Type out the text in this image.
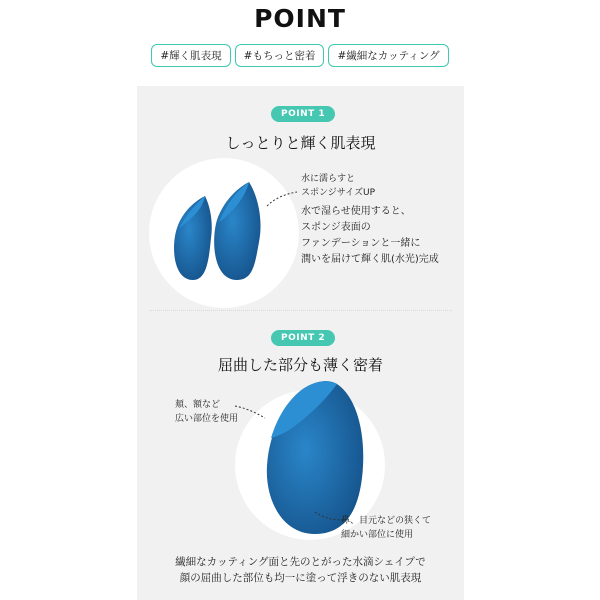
POINT
#輝く肌表現	#もちっと密着	#繊細なカッティング
POINT 1
しっとりと輝く肌表現
水に濡らすと
スポンジサイズUP
水で湿らせ使用すると、
スポンジ表面の
ファンデーションと一緒に
潤いを届けて輝く肌(水光)完成
POINT 2
屈曲した部分も薄く密着
頬、額など
広い部位を使用
鼻、目元などの狭くて
細かい部位に使用
繊細なカッティング面と先のとがった水滴シェイプで
顔の屈曲した部位も均一に塗って浮きのない肌表現
